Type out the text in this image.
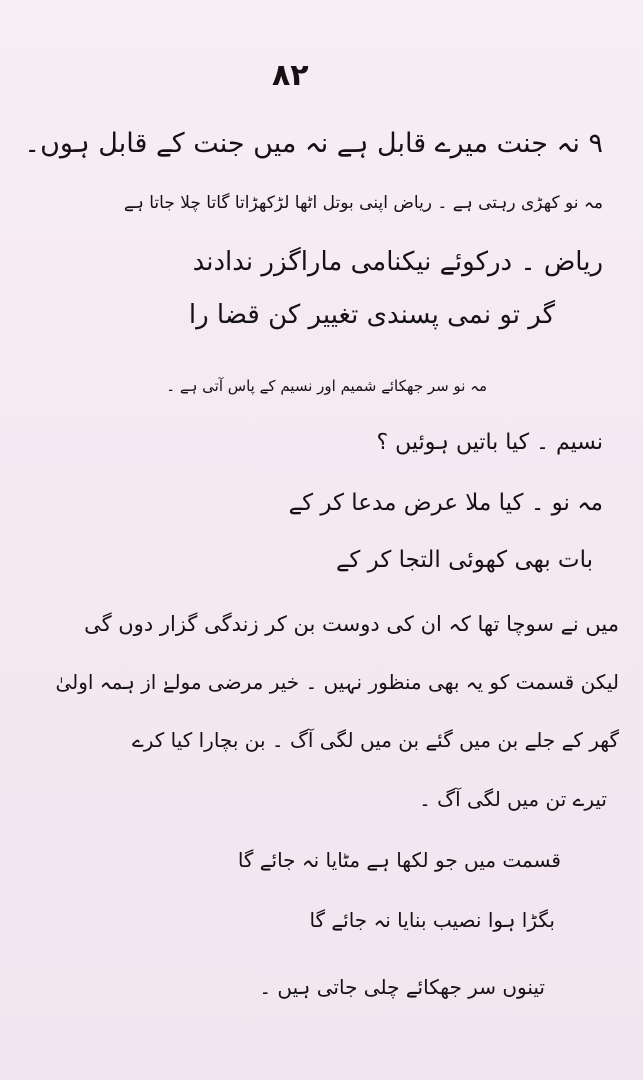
۸۲
٩ نہ جنت میرے قابل ہے نہ میں جنت کے قابل ہوں۔
مہ نو کھڑی رہتی ہے ۔ ریاض اپنی بوتل اٹھا لڑکھڑاتا گاتا چلا جاتا ہے
ریاض ۔ درکوئے نیکنامی ماراگزر ندادند
گر تو نمی پسندی تغییر کن قضا را
مہ نو سر جھکائے شمیم اور نسیم کے پاس آتی ہے ۔
نسیم ۔ کیا باتیں ہوئیں ؟
مہ نو ۔ کیا ملا عرض مدعا کر کے
بات بھی کھوئی التجا کر کے
میں نے سوچا تھا کہ ان کی دوست بن کر زندگی گزار دوں گی
لیکن قسمت کو یہ بھی منظور نہیں ۔ خیر مرضی مولےٰ از ہمہ اولیٰ
گھر کے جلے بن میں گئے بن میں لگی آگ ۔ بن بچارا کیا کرے
تیرے تن میں لگی آگ ۔
قسمت میں جو لکھا ہے مٹایا نہ جائے گا
بگڑا ہوا نصیب بنایا نہ جائے گا
تینوں سر جھکائے چلی جاتی ہیں ۔
